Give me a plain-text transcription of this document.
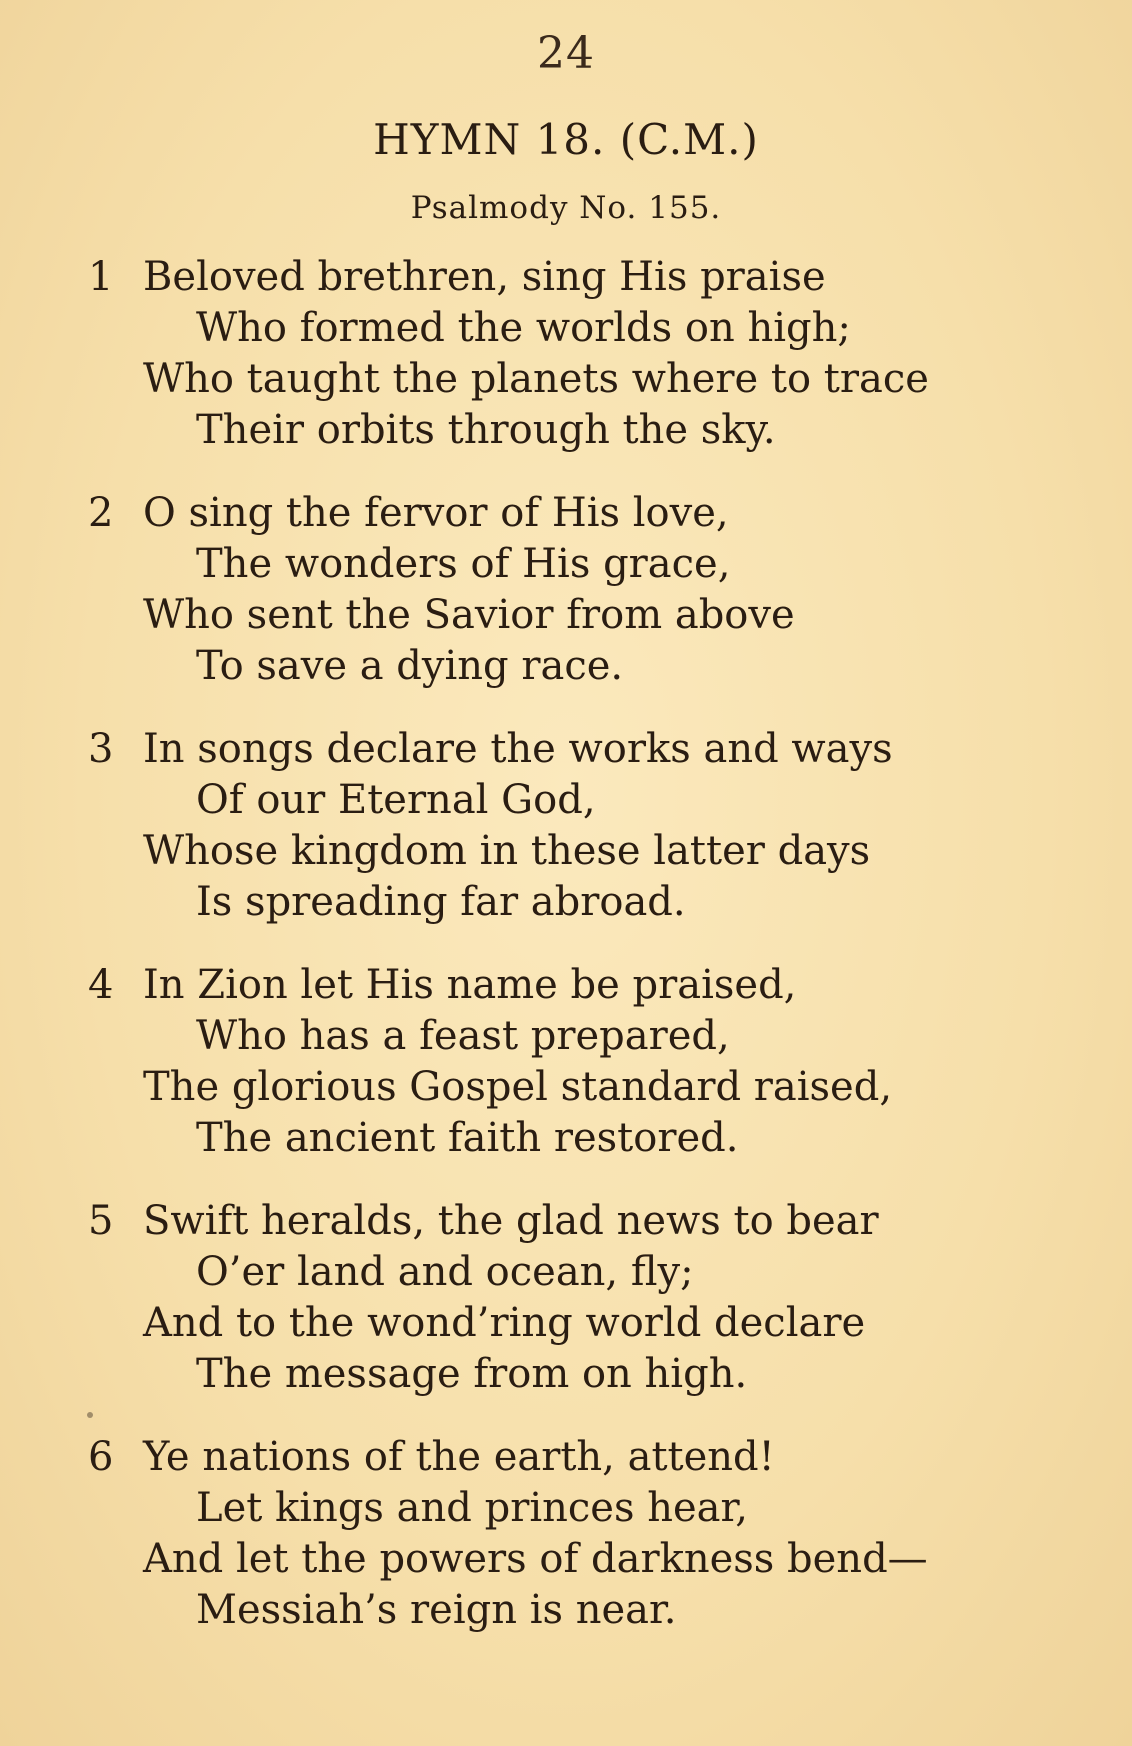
24
HYMN 18. (C.M.)
Psalmody No. 155.
1 Beloved brethren, sing His praise
Who formed the worlds on high;
Who taught the planets where to trace
Their orbits through the sky.
2 O sing the fervor of His love,
The wonders of His grace,
Who sent the Savior from above
To save a dying race.
3 In songs declare the works and ways
Of our Eternal God,
Whose kingdom in these latter days
Is spreading far abroad.
4 In Zion let His name be praised,
Who has a feast prepared,
The glorious Gospel standard raised,
The ancient faith restored.
5 Swift heralds, the glad news to bear
O’er land and ocean, fly;
And to the wond’ring world declare
The message from on high.
6 Ye nations of the earth, attend!
Let kings and princes hear,
And let the powers of darkness bend—
Messiah’s reign is near.
